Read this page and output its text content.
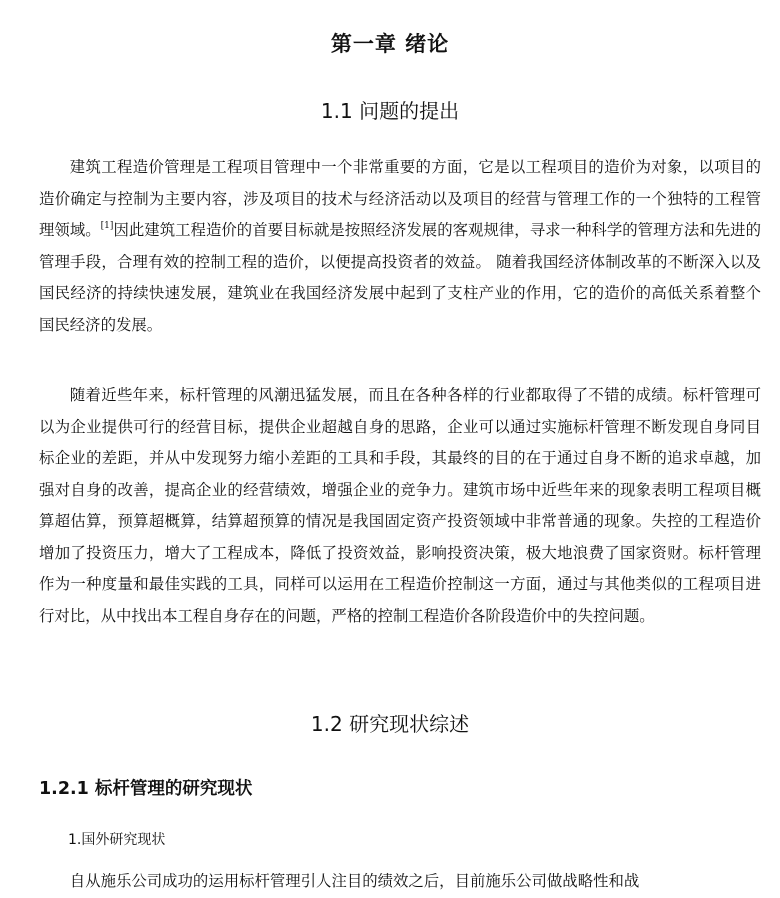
第一章 绪论
1.1 问题的提出

建筑工程造价管理是工程项目管理中一个非常重要的方面，它是以工程项目的造价为对象，以项目的造价确定与控制为主要内容，涉及项目的技术与经济活动以及项目的经营与管理工作的一个独特的工程管理领域。[1]因此建筑工程造价的首要目标就是按照经济发展的客观规律，寻求一种科学的管理方法和先进的管理手段，合理有效的控制工程的造价，以便提高投资者的效益。 随着我国经济体制改革的不断深入以及国民经济的持续快速发展，建筑业在我国经济发展中起到了支柱产业的作用，它的造价的高低关系着整个国民经济的发展。

随着近些年来，标杆管理的风潮迅猛发展，而且在各种各样的行业都取得了不错的成绩。标杆管理可以为企业提供可行的经营目标，提供企业超越自身的思路，企业可以通过实施标杆管理不断发现自身同目标企业的差距，并从中发现努力缩小差距的工具和手段，其最终的目的在于通过自身不断的追求卓越，加强对自身的改善，提高企业的经营绩效，增强企业的竞争力。建筑市场中近些年来的现象表明工程项目概算超估算，预算超概算，结算超预算的情况是我国固定资产投资领域中非常普通的现象。失控的工程造价增加了投资压力，增大了工程成本，降低了投资效益，影响投资决策，极大地浪费了国家资财。标杆管理作为一种度量和最佳实践的工具，同样可以运用在工程造价控制这一方面，通过与其他类似的工程项目进行对比，从中找出本工程自身存在的问题，严格的控制工程造价各阶段造价中的失控问题。

1.2 研究现状综述
1.2.1 标杆管理的研究现状
1.国外研究现状

自从施乐公司成功的运用标杆管理引人注目的绩效之后，目前施乐公司做战略性和战
